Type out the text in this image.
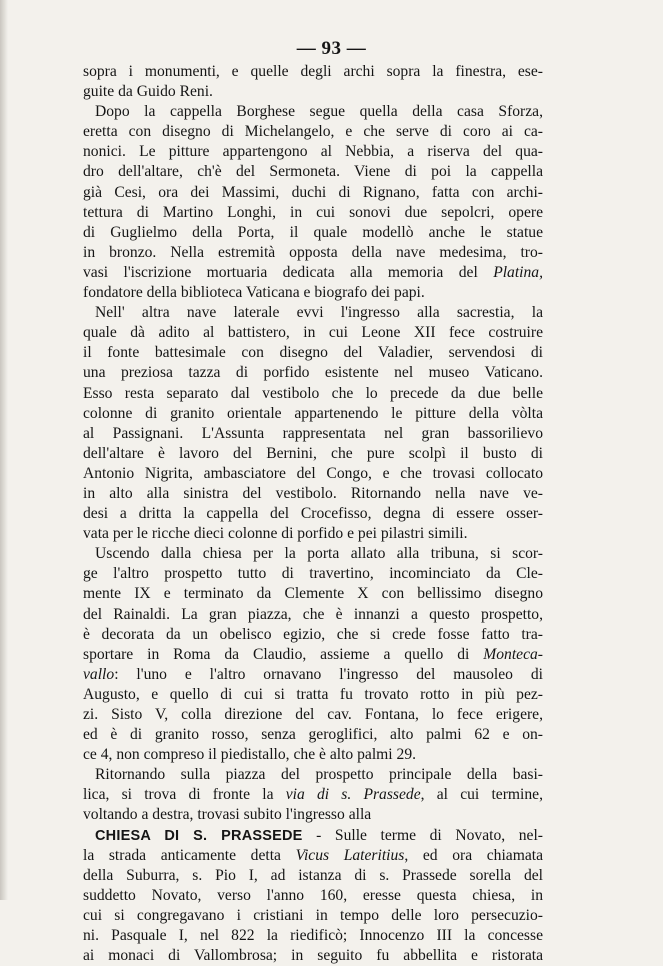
— 93 —
sopra i monumenti, e quelle degli archi sopra la finestra, ese-
guite da Guido Reni.
Dopo la cappella Borghese segue quella della casa Sforza,
eretta con disegno di Michelangelo, e che serve di coro ai ca-
nonici. Le pitture appartengono al Nebbia, a riserva del qua-
dro dell'altare, ch'è del Sermoneta. Viene di poi la cappella
già Cesi, ora dei Massimi, duchi di Rignano, fatta con archi-
tettura di Martino Longhi, in cui sonovi due sepolcri, opere
di Guglielmo della Porta, il quale modellò anche le statue
in bronzo. Nella estremità opposta della nave medesima, tro-
vasi l'iscrizione mortuaria dedicata alla memoria del Platina,
fondatore della biblioteca Vaticana e biografo dei papi.
Nell' altra nave laterale evvi l'ingresso alla sacrestia, la
quale dà adito al battistero, in cui Leone XII fece costruire
il fonte battesimale con disegno del Valadier, servendosi di
una preziosa tazza di porfido esistente nel museo Vaticano.
Esso resta separato dal vestibolo che lo precede da due belle
colonne di granito orientale appartenendo le pitture della vòlta
al Passignani. L'Assunta rappresentata nel gran bassorilievo
dell'altare è lavoro del Bernini, che pure scolpì il busto di
Antonio Nigrita, ambasciatore del Congo, e che trovasi collocato
in alto alla sinistra del vestibolo. Ritornando nella nave ve-
desi a dritta la cappella del Crocefisso, degna di essere osser-
vata per le ricche dieci colonne di porfido e pei pilastri simili.
Uscendo dalla chiesa per la porta allato alla tribuna, si scor-
ge l'altro prospetto tutto di travertino, incominciato da Cle-
mente IX e terminato da Clemente X con bellissimo disegno
del Rainaldi. La gran piazza, che è innanzi a questo prospetto,
è decorata da un obelisco egizio, che si crede fosse fatto tra-
sportare in Roma da Claudio, assieme a quello di Monteca-
vallo: l'uno e l'altro ornavano l'ingresso del mausoleo di
Augusto, e quello di cui si tratta fu trovato rotto in più pez-
zi. Sisto V, colla direzione del cav. Fontana, lo fece erigere,
ed è di granito rosso, senza geroglifici, alto palmi 62 e on-
ce 4, non compreso il piedistallo, che è alto palmi 29.
Ritornando sulla piazza del prospetto principale della basi-
lica, si trova di fronte la via di s. Prassede, al cui termine,
voltando a destra, trovasi subito l'ingresso alla
CHIESA DI S. PRASSEDE - Sulle terme di Novato, nel-
la strada anticamente detta Vicus Lateritius, ed ora chiamata
della Suburra, s. Pio I, ad istanza di s. Prassede sorella del
suddetto Novato, verso l'anno 160, eresse questa chiesa, in
cui si congregavano i cristiani in tempo delle loro persecuzio-
ni. Pasquale I, nel 822 la riedificò; Innocenzo III la concesse
ai monaci di Vallombrosa; in seguito fu abbellita e ristorata
